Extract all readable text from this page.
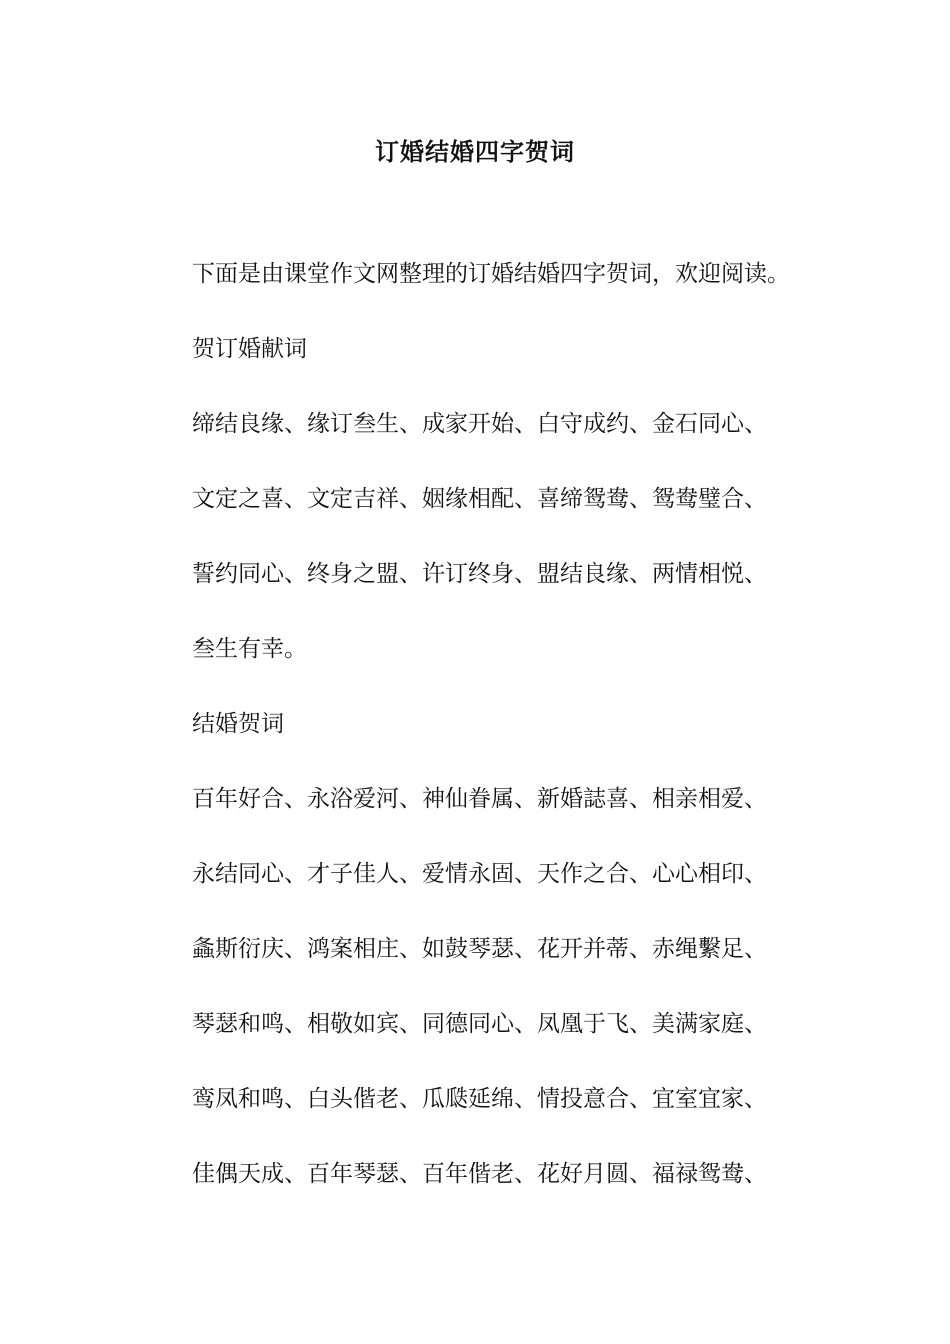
订婚结婚四字贺词

下面是由课堂作文网整理的订婚结婚四字贺词，欢迎阅读。

贺订婚献词

缔结良缘、缘订叁生、成家开始、白守成约、金石同心、

文定之喜、文定吉祥、姻缘相配、喜缔鸳鸯、鸳鸯璧合、

誓约同心、终身之盟、许订终身、盟结良缘、两情相悦、

叁生有幸。

结婚贺词

百年好合、永浴爱河、神仙眷属、新婚誌喜、相亲相爱、

永结同心、才子佳人、爱情永固、天作之合、心心相印、

螽斯衍庆、鸿案相庄、如鼓琴瑟、花开并蒂、赤绳繫足、

琴瑟和鸣、相敬如宾、同德同心、凤凰于飞、美满家庭、

鸾凤和鸣、白头偕老、瓜瓞延绵、情投意合、宜室宜家、

佳偶天成、百年琴瑟、百年偕老、花好月圆、福禄鸳鸯、
